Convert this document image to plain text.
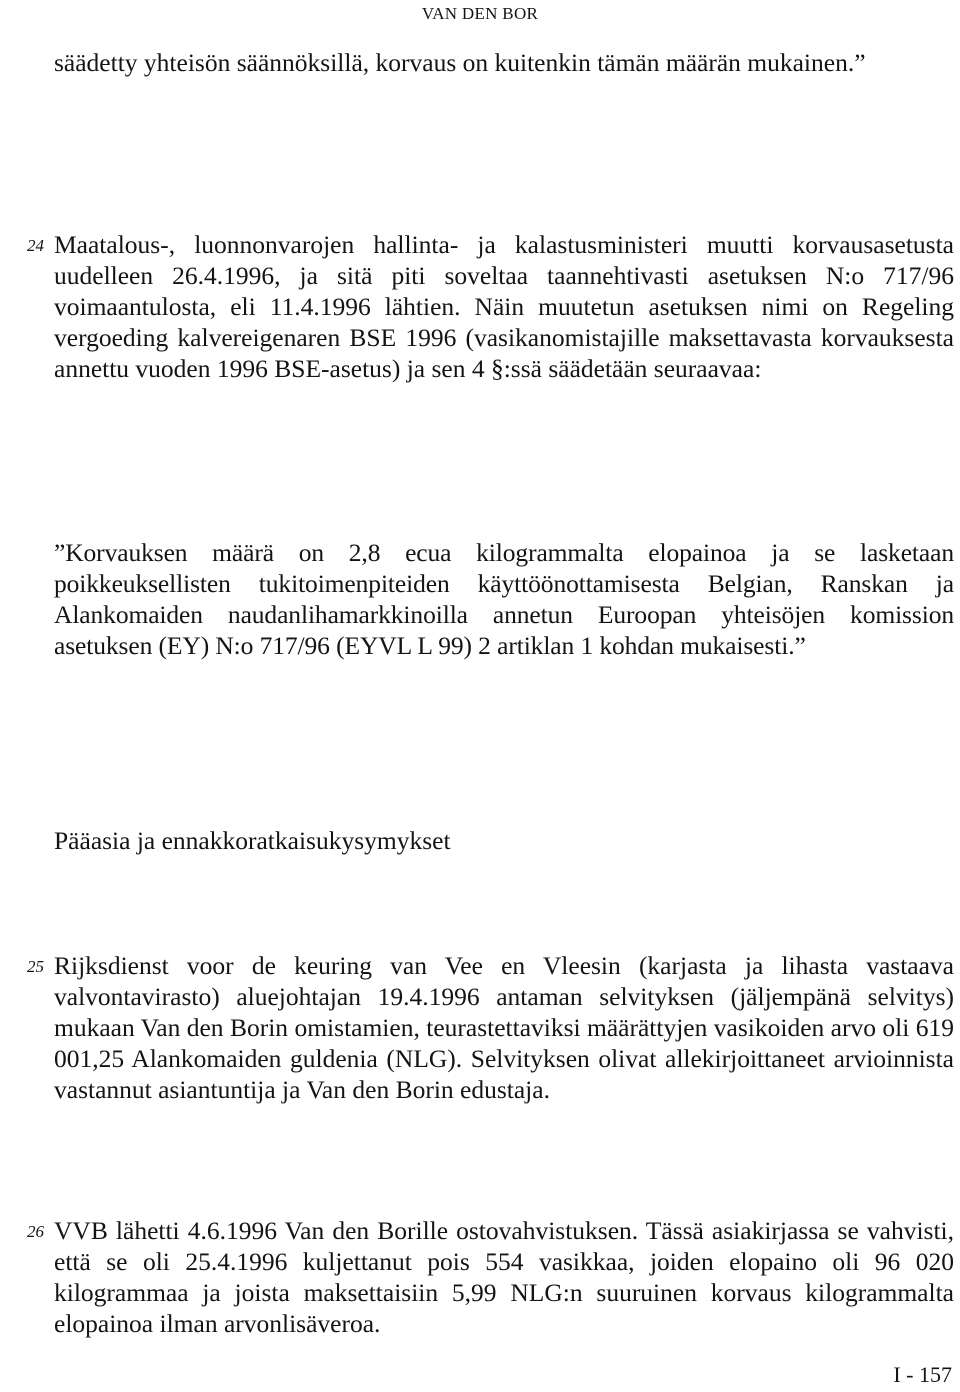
VAN DEN BOR

säädetty yhteisön säännöksillä, korvaus on kuitenkin tämän määrän mukainen.”

24 Maatalous-, luonnonvarojen hallinta- ja kalastusministeri muutti korvausasetusta uudelleen 26.4.1996, ja sitä piti soveltaa taannehtivasti asetuksen N:o 717/96 voimaantulosta, eli 11.4.1996 lähtien. Näin muutetun asetuksen nimi on Regeling vergoeding kalvereigenaren BSE 1996 (vasikanomistajille maksettavasta korvauksesta annettu vuoden 1996 BSE-asetus) ja sen 4 §:ssä säädetään seuraavaa:

”Korvauksen määrä on 2,8 ecua kilogrammalta elopainoa ja se lasketaan poikkeuksellisten tukitoimenpiteiden käyttöönottamisesta Belgian, Ranskan ja Alankomaiden naudanlihamarkkinoilla annetun Euroopan yhteisöjen komission asetuksen (EY) N:o 717/96 (EYVL L 99) 2 artiklan 1 kohdan mukaisesti.”

Pääasia ja ennakkoratkaisukysymykset
25 Rijksdienst voor de keuring van Vee en Vleesin (karjasta ja lihasta vastaava valvontavirasto) aluejohtajan 19.4.1996 antaman selvityksen (jäljempänä selvitys) mukaan Van den Borin omistamien, teurastettaviksi määrättyjen vasikoiden arvo oli 619 001,25 Alankomaiden guldenia (NLG). Selvityksen olivat allekirjoittaneet arvioinnista vastannut asiantuntija ja Van den Borin edustaja.

26 VVB lähetti 4.6.1996 Van den Borille ostovahvistuksen. Tässä asiakirjassa se vahvisti, että se oli 25.4.1996 kuljettanut pois 554 vasikkaa, joiden elopaino oli 96 020 kilogrammaa ja joista maksettaisiin 5,99 NLG:n suuruinen korvaus kilogrammalta elopainoa ilman arvonlisäveroa.

I - 157
